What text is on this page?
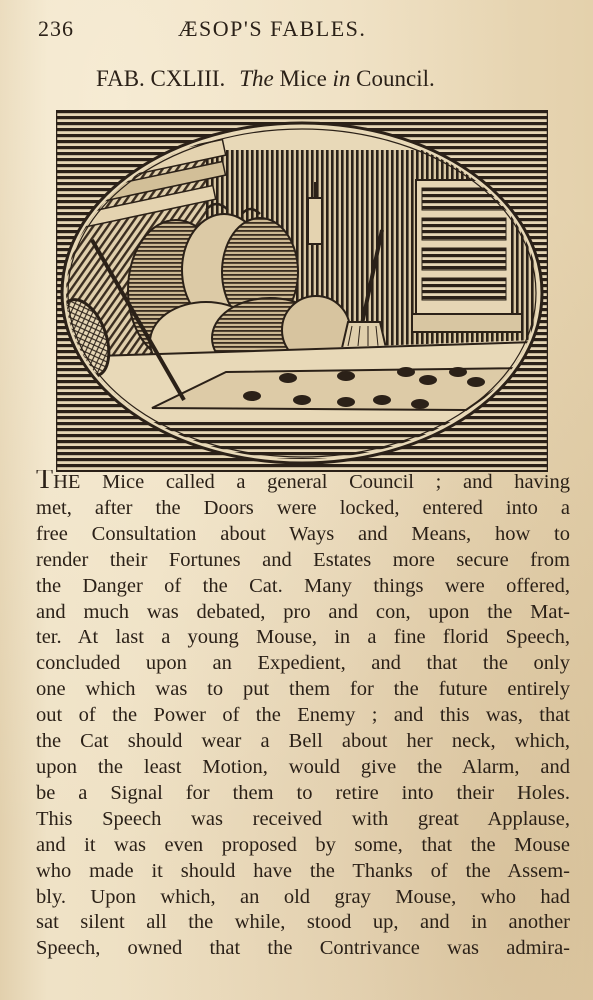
236	ÆSOP'S FABLES.
FAB. CXLIII. The Mice in Council.
THE Mice called a general Council ; and having
met, after the Doors were locked, entered into a
free Consultation about Ways and Means, how to
render their Fortunes and Estates more secure from
the Danger of the Cat. Many things were offered,
and much was debated, pro and con, upon the Mat-
ter. At last a young Mouse, in a fine florid Speech,
concluded upon an Expedient, and that the only
one which was to put them for the future entirely
out of the Power of the Enemy ; and this was, that
the Cat should wear a Bell about her neck, which,
upon the least Motion, would give the Alarm, and
be a Signal for them to retire into their Holes.
This Speech was received with great Applause,
and it was even proposed by some, that the Mouse
who made it should have the Thanks of the Assem-
bly. Upon which, an old gray Mouse, who had
sat silent all the while, stood up, and in another
Speech, owned that the Contrivance was admira-
